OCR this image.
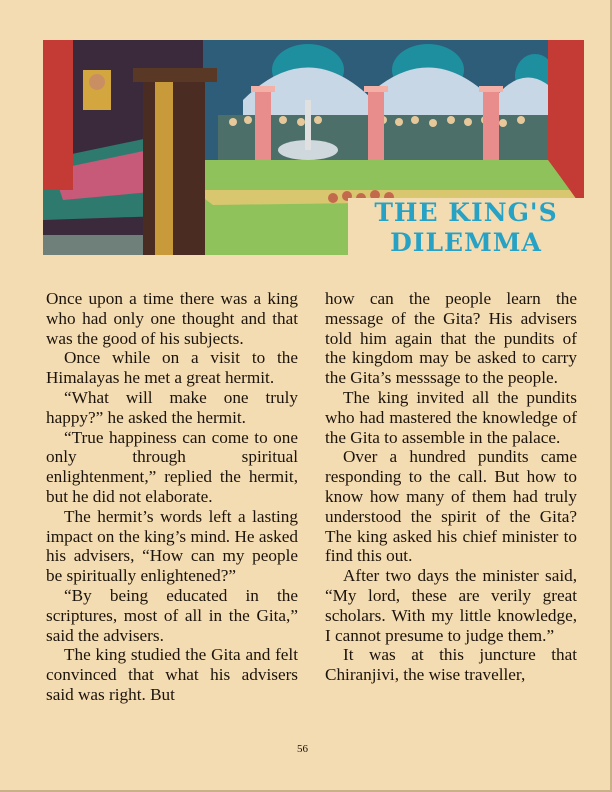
THE KING'S
DILEMMA

Once upon a time there was a king who had only one thought and that was the good of his subjects.

Once while on a visit to the Himalayas he met a great hermit.

“What will make one truly happy?” he asked the hermit.

“True happiness can come to one only through spiritual enlightenment,” replied the hermit, but he did not elaborate.

The hermit’s words left a lasting impact on the king’s mind. He asked his advisers, “How can my people be spiritually enlightened?”

“By being educated in the scriptures, most of all in the Gita,” said the advisers.

The king studied the Gita and felt convinced that what his advisers said was right. But

how can the people learn the message of the Gita? His advisers told him again that the pundits of the kingdom may be asked to carry the Gita’s messsage to the people.

The king invited all the pundits who had mastered the knowledge of the Gita to assemble in the palace.

Over a hundred pundits came responding to the call. But how to know how many of them had truly understood the spirit of the Gita? The king asked his chief minister to find this out.

After two days the minister said, “My lord, these are verily great scholars. With my little knowledge, I cannot presume to judge them.”

It was at this juncture that Chiranjivi, the wise traveller,

56
